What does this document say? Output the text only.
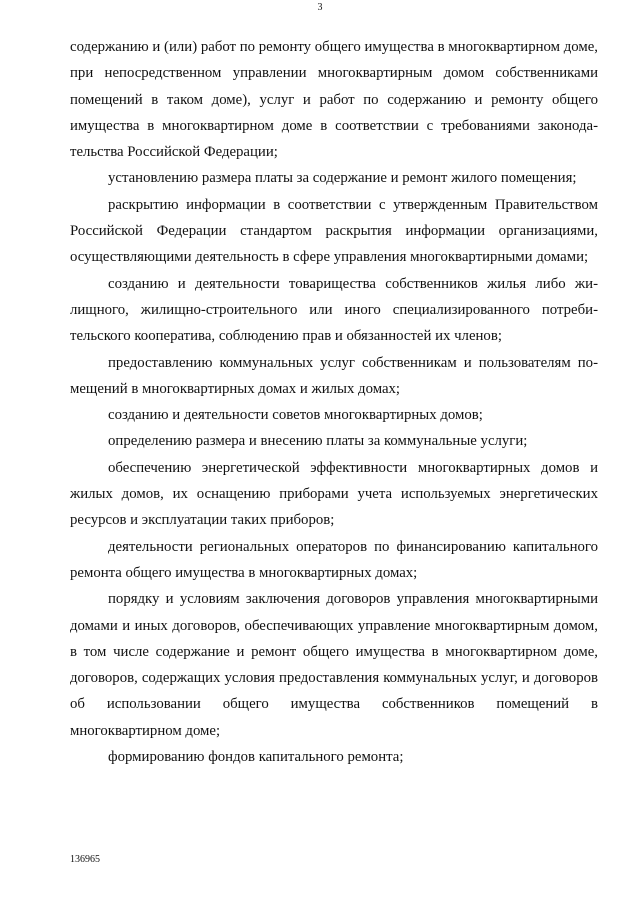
3

содержанию и (или) работ по ремонту общего имущества в многоквартирном доме, при непосредственном управлении многоквартирным домом собственниками помещений в таком доме), услуг и работ по содержанию и ремонту общего имущества в многоквартирном доме в соответствии с требованиями законодательства Российской Федерации;

установлению размера платы за содержание и ремонт жилого помещения;

раскрытию информации в соответствии с утвержденным Правительством Российской Федерации стандартом раскрытия информации организациями, осуществляющими деятельность в сфере управления многоквартирными домами;

созданию и деятельности товарищества собственников жилья либо жилищного, жилищно-строительного или иного специализированного потребительского кооператива, соблюдению прав и обязанностей их членов;

предоставлению коммунальных услуг собственникам и пользователям помещений в многоквартирных домах и жилых домах;

созданию и деятельности советов многоквартирных домов;

определению размера и внесению платы за коммунальные услуги;

обеспечению энергетической эффективности многоквартирных домов и жилых домов, их оснащению приборами учета используемых энергетических ресурсов и эксплуатации таких приборов;

деятельности региональных операторов по финансированию капитального ремонта общего имущества в многоквартирных домах;

порядку и условиям заключения договоров управления многоквартирными домами и иных договоров, обеспечивающих управление многоквартирным домом, в том числе содержание и ремонт общего имущества в многоквартирном доме, договоров, содержащих условия предоставления коммунальных услуг, и договоров об использовании общего имущества собственников помещений в многоквартирном доме;

формированию фондов капитального ремонта;

136965
